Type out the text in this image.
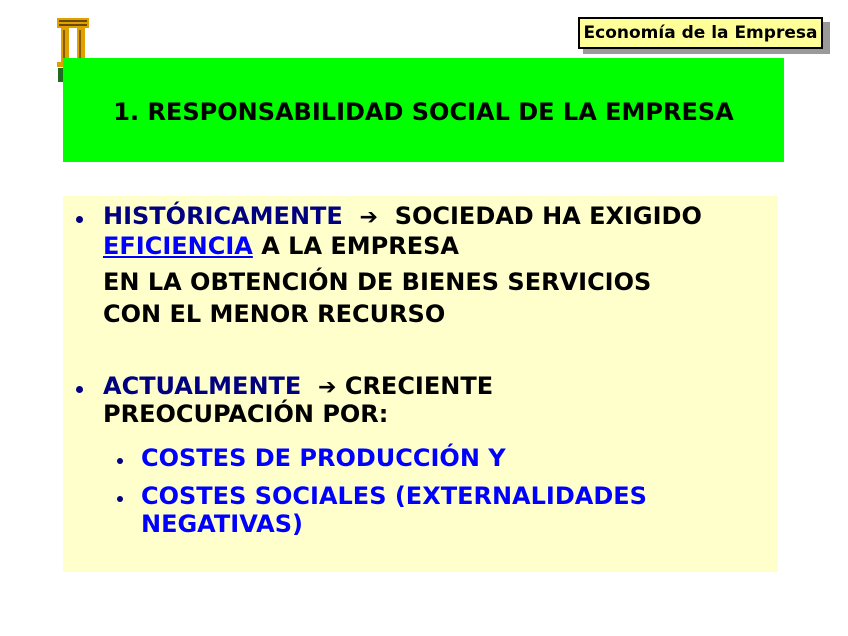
Economía de la Empresa
1. RESPONSABILIDAD SOCIAL DE LA EMPRESA
HISTÓRICAMENTE ➔ SOCIEDAD HA EXIGIDO
EFICIENCIA A LA EMPRESA
EN LA OBTENCIÓN DE BIENES SERVICIOS
CON EL MENOR RECURSO
ACTUALMENTE ➔ CRECIENTE
PREOCUPACIÓN POR:
COSTES DE PRODUCCIÓN Y
COSTES SOCIALES (EXTERNALIDADES
NEGATIVAS)
